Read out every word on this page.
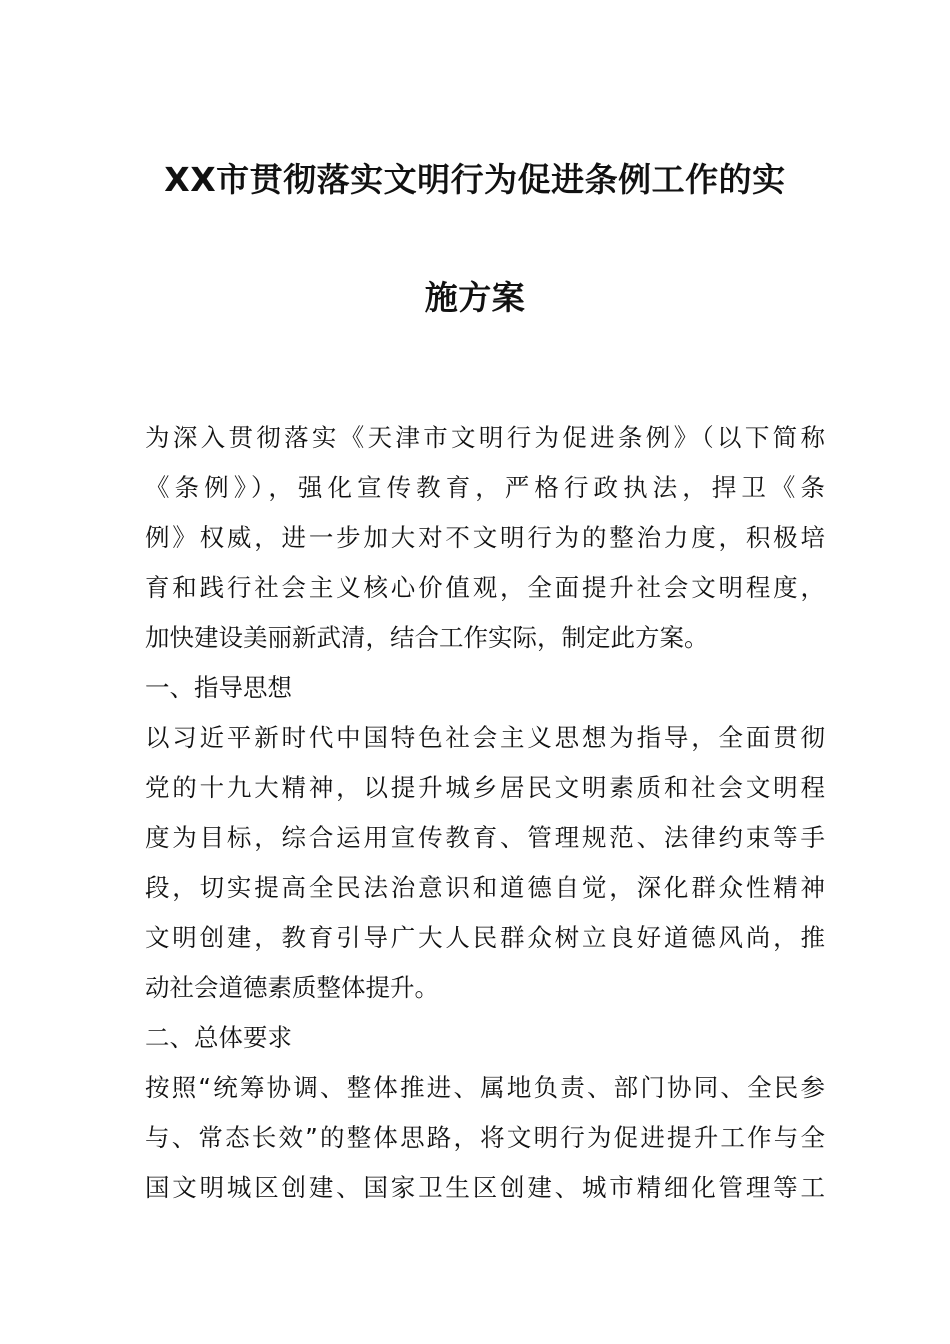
XX市贯彻落实文明行为促进条例工作的实
施方案
为深入贯彻落实《天津市文明行为促进条例》（以下简称
《条例》），强化宣传教育，严格行政执法，捍卫《条
例》权威，进一步加大对不文明行为的整治力度，积极培
育和践行社会主义核心价值观，全面提升社会文明程度，
加快建设美丽新武清，结合工作实际，制定此方案。
一、指导思想
以习近平新时代中国特色社会主义思想为指导，全面贯彻
党的十九大精神，以提升城乡居民文明素质和社会文明程
度为目标，综合运用宣传教育、管理规范、法律约束等手
段，切实提高全民法治意识和道德自觉，深化群众性精神
文明创建，教育引导广大人民群众树立良好道德风尚，推
动社会道德素质整体提升。
二、总体要求
按照“统筹协调、整体推进、属地负责、部门协同、全民参
与、常态长效”的整体思路，将文明行为促进提升工作与全
国文明城区创建、国家卫生区创建、城市精细化管理等工
